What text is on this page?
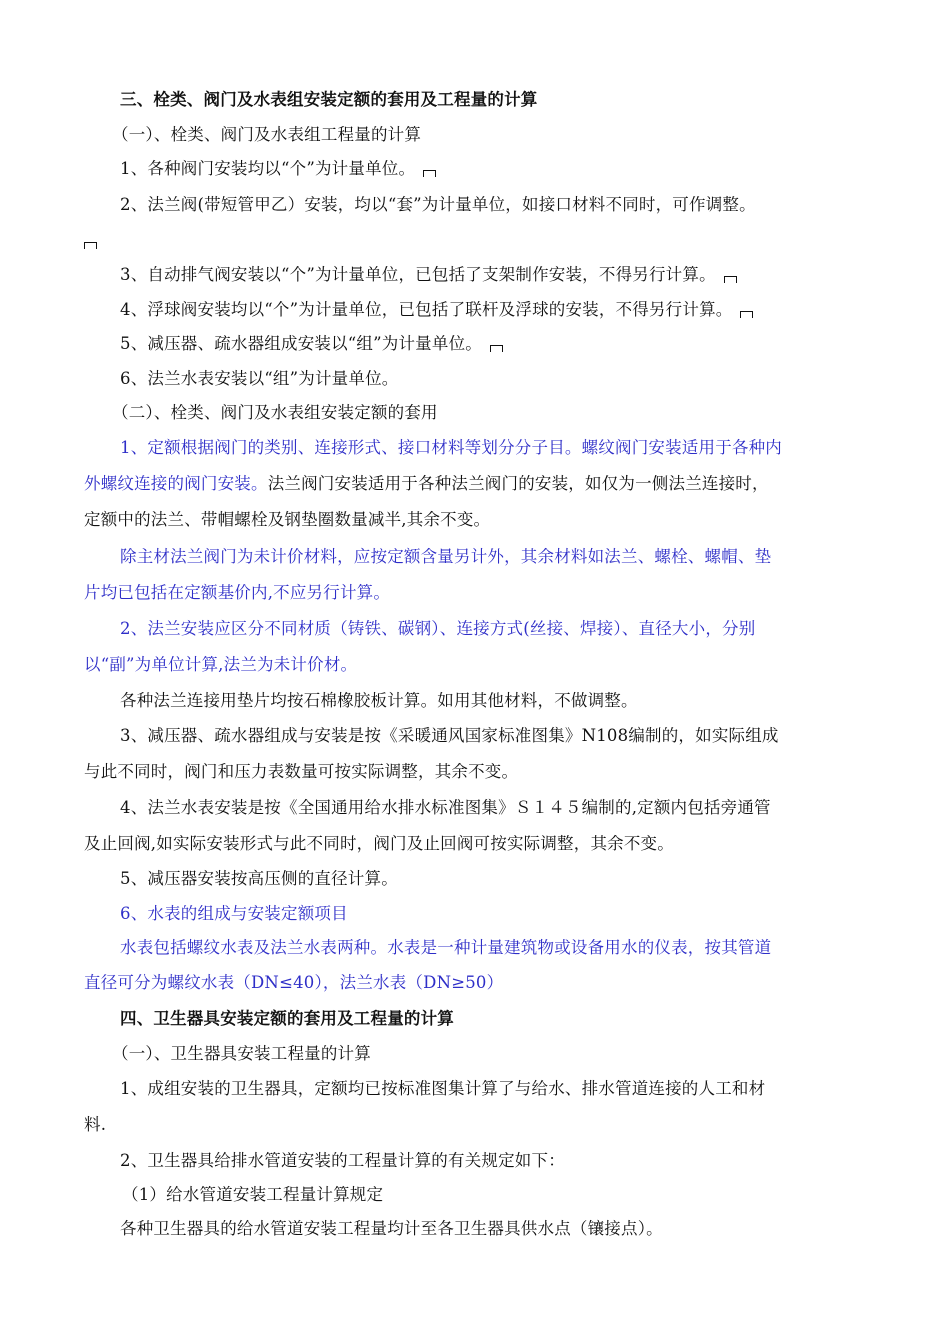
三、栓类、阀门及水表组安装定额的套用及工程量的计算
（一）、栓类、阀门及水表组工程量的计算
1、各种阀门安装均以“个”为计量单位。
2、法兰阀(带短管甲乙）安装，均以“套”为计量单位，如接口材料不同时，可作调整。
3、自动排气阀安装以“个”为计量单位，已包括了支架制作安装，不得另行计算。
4、浮球阀安装均以“个”为计量单位，已包括了联杆及浮球的安装，不得另行计算。
5、减压器、疏水器组成安装以“组”为计量单位。
6、法兰水表安装以“组”为计量单位。
（二）、栓类、阀门及水表组安装定额的套用
1、定额根据阀门的类别、连接形式、接口材料等划分分子目。螺纹阀门安装适用于各种内
外螺纹连接的阀门安装。法兰阀门安装适用于各种法兰阀门的安装，如仅为一侧法兰连接时，
定额中的法兰、带帽螺栓及钢垫圈数量减半,其余不变。
除主材法兰阀门为未计价材料，应按定额含量另计外，其余材料如法兰、螺栓、螺帽、垫
片均已包括在定额基价内,不应另行计算。
2、法兰安装应区分不同材质（铸铁、碳钢）、连接方式(丝接、焊接）、直径大小，分别
以“副”为单位计算,法兰为未计价材。
各种法兰连接用垫片均按石棉橡胶板计算。如用其他材料，不做调整。
3、减压器、疏水器组成与安装是按《采暖通风国家标准图集》N108编制的，如实际组成
与此不同时，阀门和压力表数量可按实际调整，其余不变。
4、法兰水表安装是按《全国通用给水排水标准图集》Ｓ１４５编制的,定额内包括旁通管
及止回阀,如实际安装形式与此不同时，阀门及止回阀可按实际调整，其余不变。
5、减压器安装按高压侧的直径计算。
6、水表的组成与安装定额项目
水表包括螺纹水表及法兰水表两种。水表是一种计量建筑物或设备用水的仪表，按其管道
直径可分为螺纹水表（DN≤40），法兰水表（DN≥50）
四、卫生器具安装定额的套用及工程量的计算
（一）、卫生器具安装工程量的计算
1、成组安装的卫生器具，定额均已按标准图集计算了与给水、排水管道连接的人工和材
料.
2、卫生器具给排水管道安装的工程量计算的有关规定如下：
（1）给水管道安装工程量计算规定
各种卫生器具的给水管道安装工程量均计至各卫生器具供水点（镶接点）。
